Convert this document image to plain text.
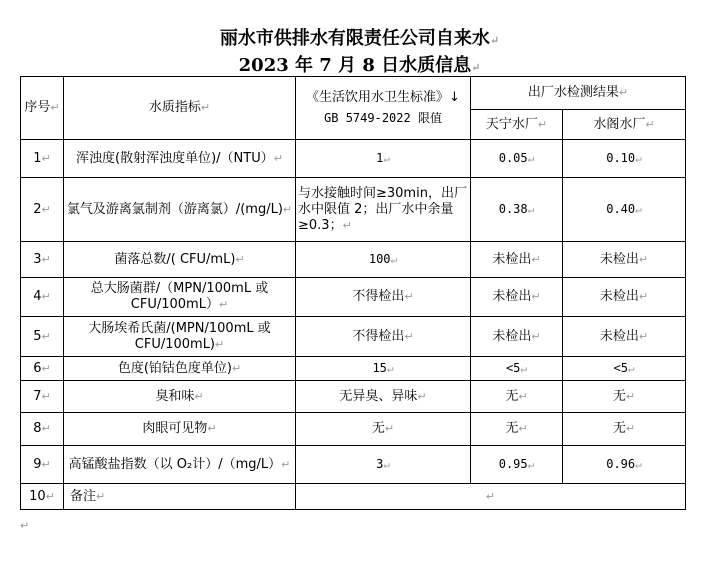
丽水市供排水有限责任公司自来水↵
2023 年 7 月 8 日水质信息↵
序号↵	水质指标↵	《生活饮用水卫生标准》↓
GB 5749-2022 限值	出厂水检测结果↵	
			天宁水厂↵	水阁水厂↵
1↵	浑浊度(散射浑浊度单位)/（NTU）↵	1↵	0.05↵	0.10↵
2↵	氯气及游离氯制剂（游离氯）/(mg/L)↵	与水接触时间≥30min，出厂水中限值 2；出厂水中余量≥0.3；↵	0.38↵	0.40↵
3↵	菌落总数/( CFU/mL)↵	100↵	未检出↵	未检出↵
4↵	总大肠菌群/（MPN/100mL 或 CFU/100mL）↵	不得检出↵	未检出↵	未检出↵
5↵	大肠埃希氏菌/(MPN/100mL 或 CFU/100mL)↵	不得检出↵	未检出↵	未检出↵
6↵	色度(铂钴色度单位)↵	15↵	<5↵	<5↵
7↵	臭和味↵	无异臭、异味↵	无↵	无↵
8↵	肉眼可见物↵	无↵	无↵	无↵
9↵	高锰酸盐指数（以 O₂计）/（mg/L）↵	3↵	0.95↵	0.96↵
10↵	备注↵	↵		
↵
